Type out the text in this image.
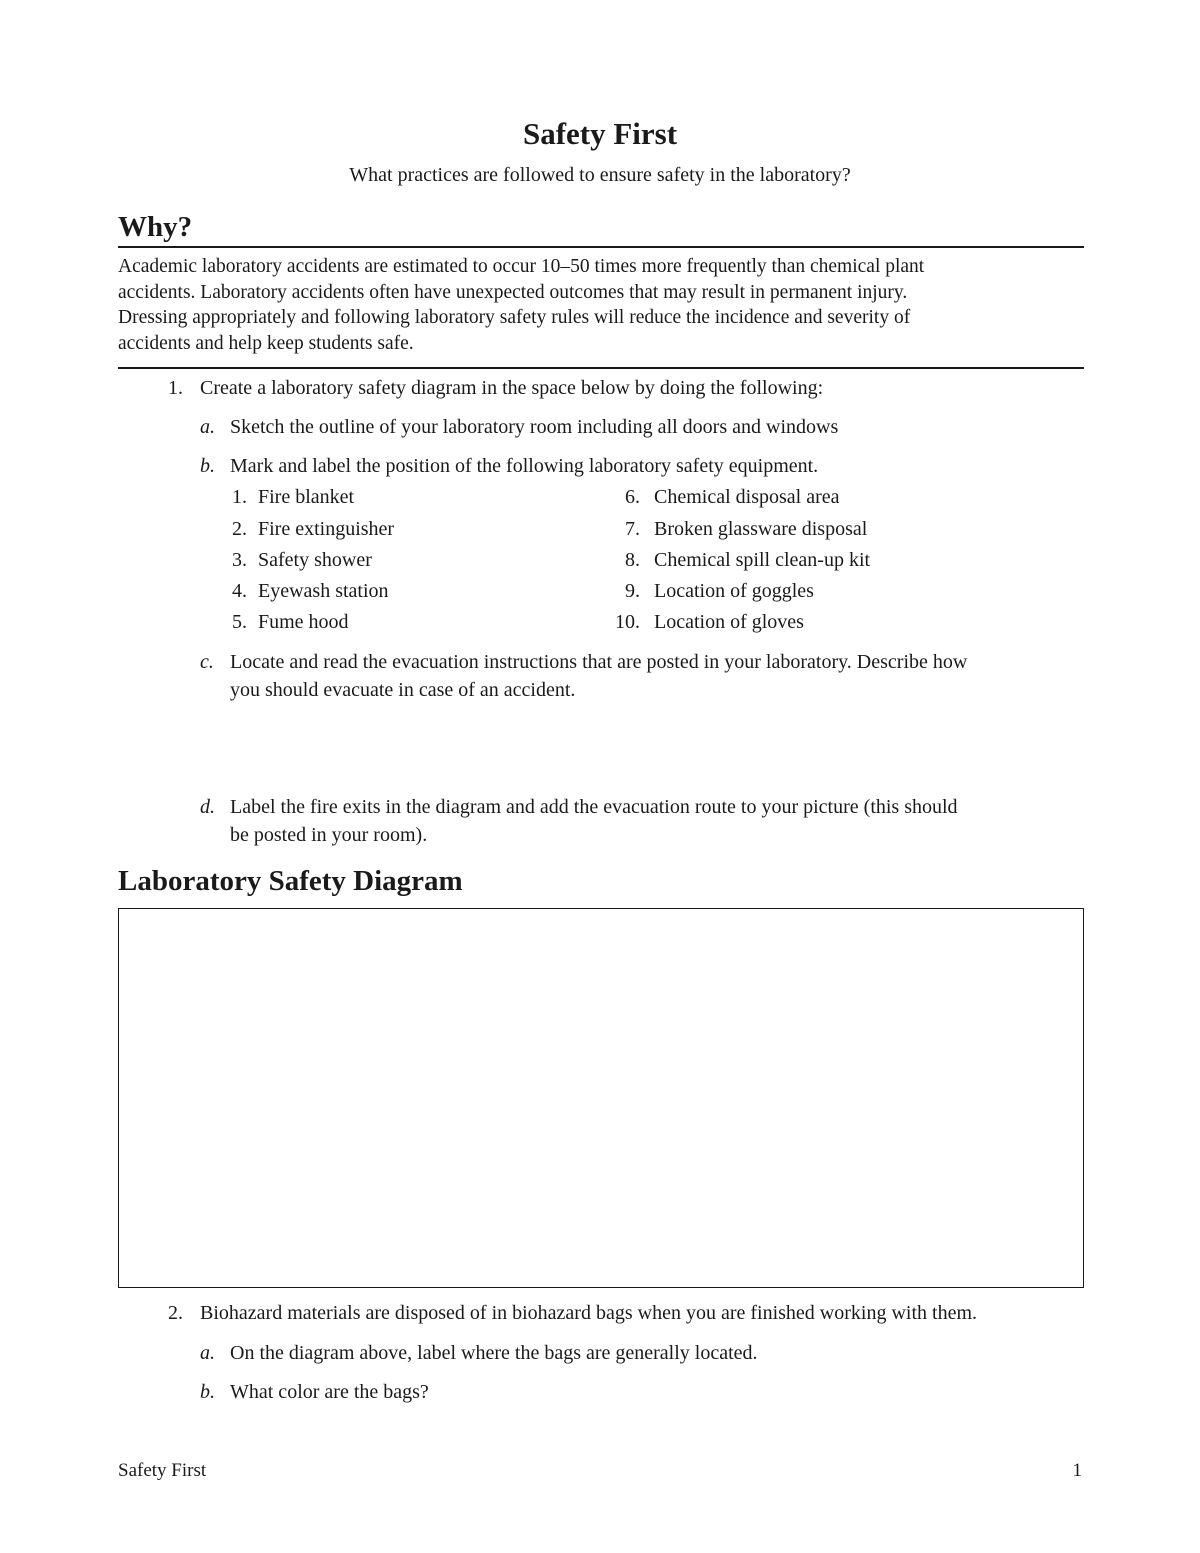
Safety First
What practices are followed to ensure safety in the laboratory?
Why?
Academic laboratory accidents are estimated to occur 10–50 times more frequently than chemical plant
accidents. Laboratory accidents often have unexpected outcomes that may result in permanent injury.
Dressing appropriately and following laboratory safety rules will reduce the incidence and severity of
accidents and help keep students safe.
1. Create a laboratory safety diagram in the space below by doing the following:
a. Sketch the outline of your laboratory room including all doors and windows
b. Mark and label the position of the following laboratory safety equipment.
1. Fire blanket
2. Fire extinguisher
3. Safety shower
4. Eyewash station
5. Fume hood
6. Chemical disposal area
7. Broken glassware disposal
8. Chemical spill clean-up kit
9. Location of goggles
10. Location of gloves
c. Locate and read the evacuation instructions that are posted in your laboratory. Describe how
you should evacuate in case of an accident.
d. Label the fire exits in the diagram and add the evacuation route to your picture (this should
be posted in your room).
Laboratory Safety Diagram
2. Biohazard materials are disposed of in biohazard bags when you are finished working with them.
a. On the diagram above, label where the bags are generally located.
b. What color are the bags?
Safety First	1
